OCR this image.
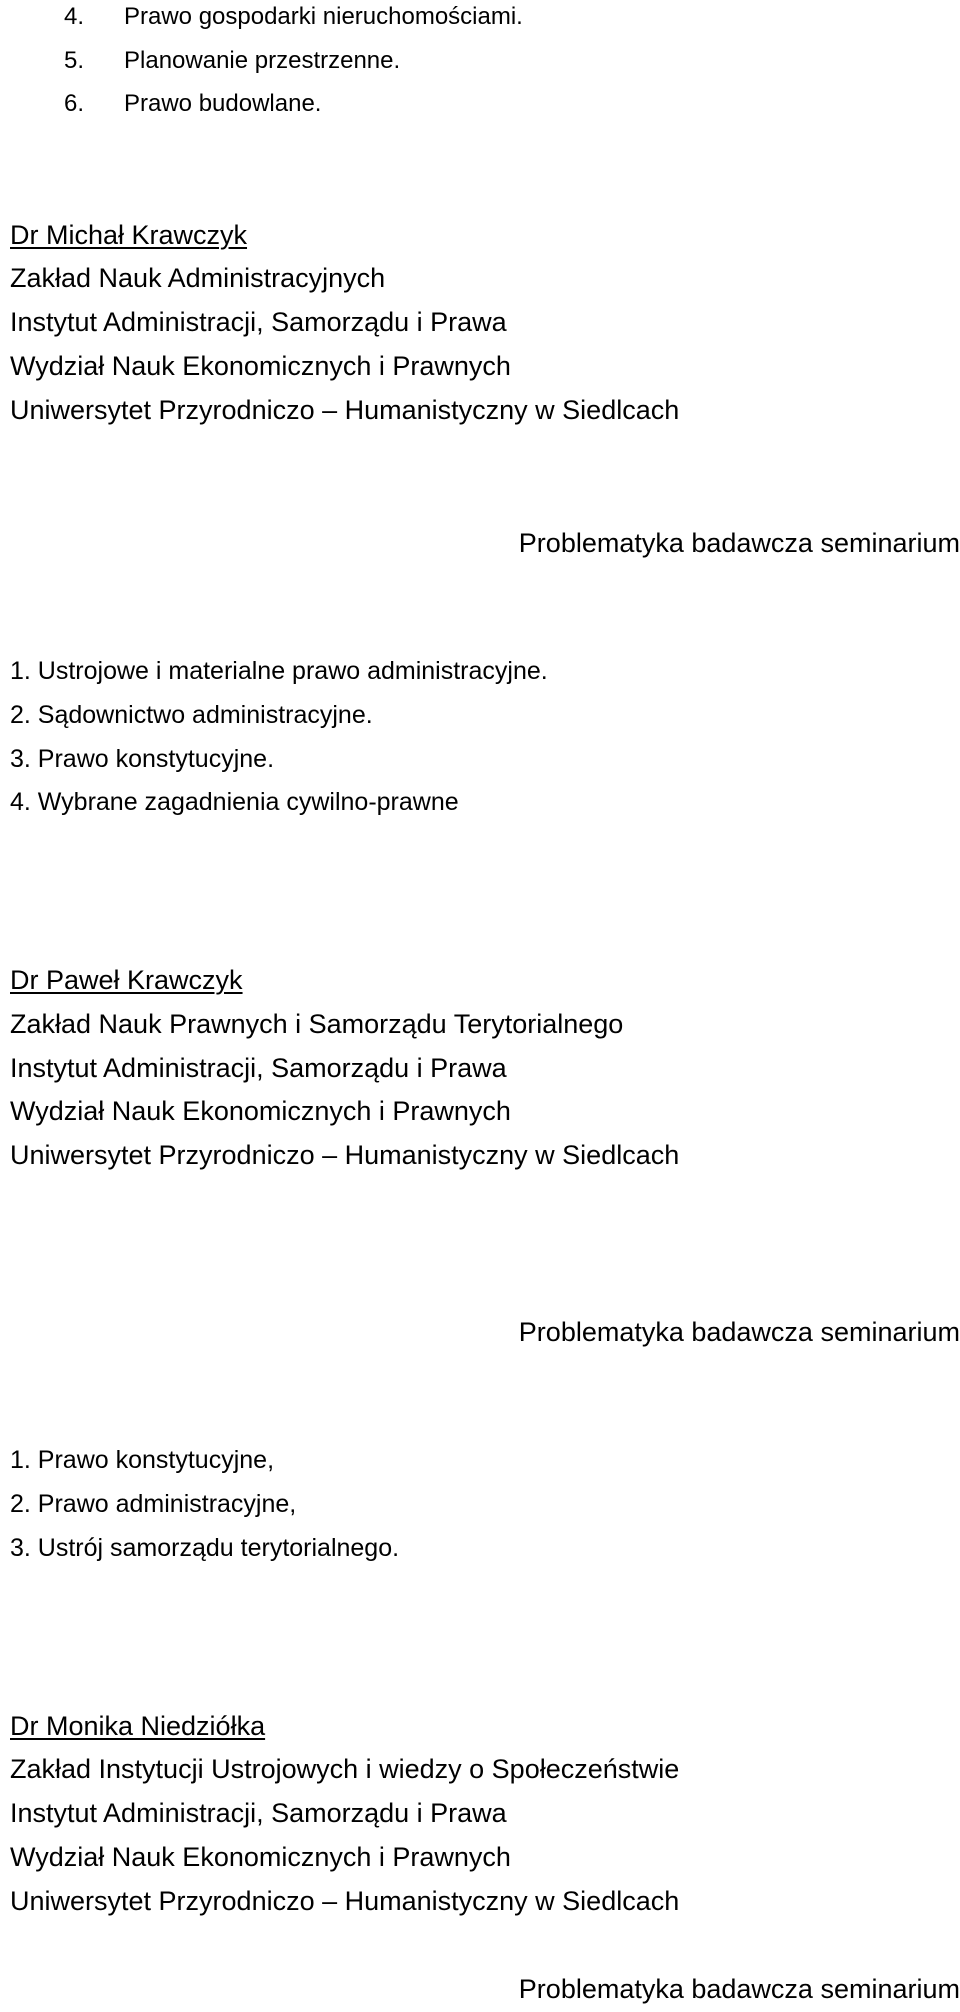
4. Prawo gospodarki nieruchomościami.
5. Planowanie przestrzenne.
6. Prawo budowlane.
Dr Michał Krawczyk
Zakład Nauk Administracyjnych
Instytut Administracji, Samorządu i Prawa
Wydział Nauk Ekonomicznych i Prawnych
Uniwersytet Przyrodniczo – Humanistyczny w Siedlcach
Problematyka badawcza seminarium
1. Ustrojowe i materialne prawo administracyjne.
2. Sądownictwo administracyjne.
3. Prawo konstytucyjne.
4. Wybrane zagadnienia cywilno-prawne
Dr Paweł Krawczyk
Zakład Nauk Prawnych i Samorządu Terytorialnego
Instytut Administracji, Samorządu i Prawa
Wydział Nauk Ekonomicznych i Prawnych
Uniwersytet Przyrodniczo – Humanistyczny w Siedlcach
Problematyka badawcza seminarium
1. Prawo konstytucyjne,
2. Prawo administracyjne,
3. Ustrój samorządu terytorialnego.
Dr Monika Niedziółka
Zakład Instytucji Ustrojowych i wiedzy o Społeczeństwie
Instytut Administracji, Samorządu i Prawa
Wydział Nauk Ekonomicznych i Prawnych
Uniwersytet Przyrodniczo – Humanistyczny w Siedlcach
Problematyka badawcza seminarium
